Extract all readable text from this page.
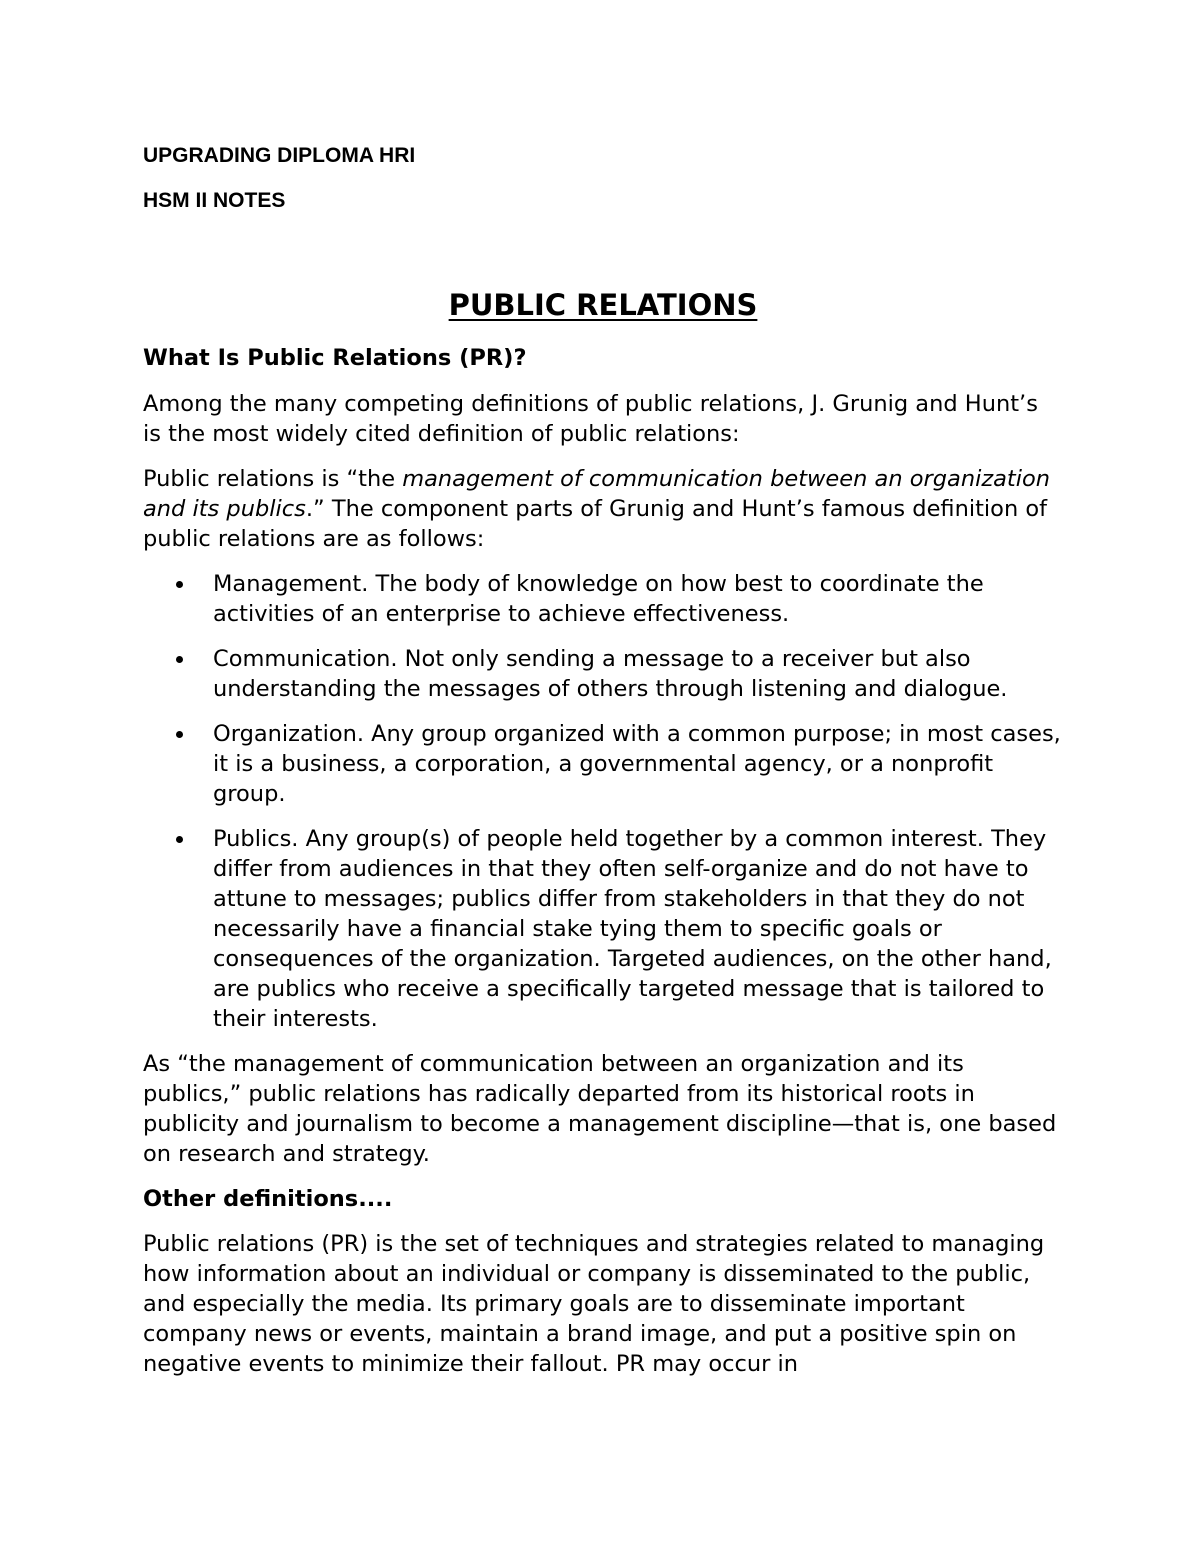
UPGRADING DIPLOMA HRI

HSM II NOTES

PUBLIC RELATIONS

What Is Public Relations (PR)?

Among the many competing definitions of public relations, J. Grunig and Hunt’s is the most widely cited definition of public relations:

Public relations is “the management of communication between an organization and its publics.” The component parts of Grunig and Hunt’s famous definition of public relations are as follows:

Management. The body of knowledge on how best to coordinate the activities of an enterprise to achieve effectiveness.
Communication. Not only sending a message to a receiver but also understanding the messages of others through listening and dialogue.
Organization. Any group organized with a common purpose; in most cases, it is a business, a corporation, a governmental agency, or a nonprofit group.
Publics. Any group(s) of people held together by a common interest. They differ from audiences in that they often self-organize and do not have to attune to messages; publics differ from stakeholders in that they do not necessarily have a financial stake tying them to specific goals or consequences of the organization. Targeted audiences, on the other hand, are publics who receive a specifically targeted message that is tailored to their interests.

As “the management of communication between an organization and its publics,” public relations has radically departed from its historical roots in publicity and journalism to become a management discipline—that is, one based on research and strategy.

Other definitions....

Public relations (PR) is the set of techniques and strategies related to managing how information about an individual or company is disseminated to the public, and especially the media. Its primary goals are to disseminate important company news or events, maintain a brand image, and put a positive spin on negative events to minimize their fallout. PR may occur in
